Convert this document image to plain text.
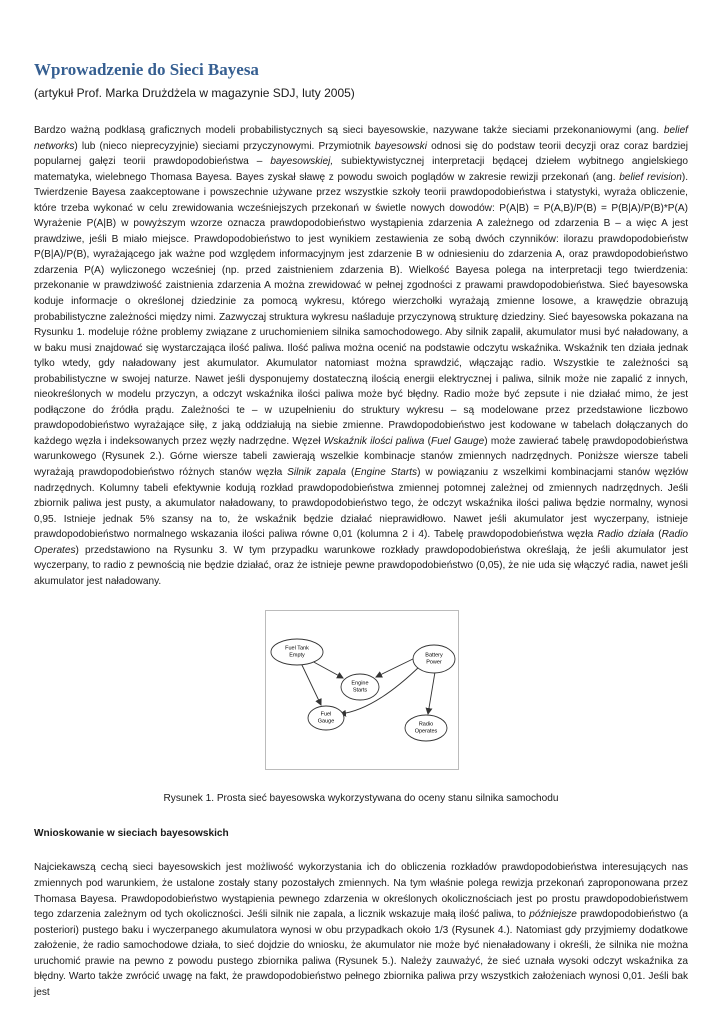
Wprowadzenie do Sieci Bayesa

(artykuł Prof. Marka Drużdżela w magazynie SDJ, luty 2005)

Bardzo ważną podklasą graficznych modeli probabilistycznych są sieci bayesowskie, nazywane także sieciami przekonaniowymi (ang. belief networks) lub (nieco nieprecyzyjnie) sieciami przyczynowymi. Przymiotnik bayesowski odnosi się do podstaw teorii decyzji oraz coraz bardziej popularnej gałęzi teorii prawdopodobieństwa – bayesowskiej, subiektywistycznej interpretacji będącej dziełem wybitnego angielskiego matematyka, wielebnego Thomasa Bayesa. Bayes zyskał sławę z powodu swoich poglądów w zakresie rewizji przekonań (ang. belief revision). Twierdzenie Bayesa zaakceptowane i powszechnie używane przez wszystkie szkoły teorii prawdopodobieństwa i statystyki, wyraża obliczenie, które trzeba wykonać w celu zrewidowania wcześniejszych przekonań w świetle nowych dowodów: P(A|B) = P(A,B)/P(B) = P(B|A)/P(B)*P(A) Wyrażenie P(A|B) w powyższym wzorze oznacza prawdopodobieństwo wystąpienia zdarzenia A zależnego od zdarzenia B – a więc A jest prawdziwe, jeśli B miało miejsce. Prawdopodobieństwo to jest wynikiem zestawienia ze sobą dwóch czynników: ilorazu prawdopodobieństw P(B|A)/P(B), wyrażającego jak ważne pod względem informacyjnym jest zdarzenie B w odniesieniu do zdarzenia A, oraz prawdopodobieństwo zdarzenia P(A) wyliczonego wcześniej (np. przed zaistnieniem zdarzenia B). Wielkość Bayesa polega na interpretacji tego twierdzenia: przekonanie w prawdziwość zaistnienia zdarzenia A można zrewidować w pełnej zgodności z prawami prawdopodobieństwa. Sieć bayesowska koduje informacje o określonej dziedzinie za pomocą wykresu, którego wierzchołki wyrażają zmienne losowe, a krawędzie obrazują probabilistyczne zależności między nimi. Zazwyczaj struktura wykresu naśladuje przyczynową strukturę dziedziny. Sieć bayesowska pokazana na Rysunku 1. modeluje różne problemy związane z uruchomieniem silnika samochodowego. Aby silnik zapalił, akumulator musi być naładowany, a w baku musi znajdować się wystarczająca ilość paliwa. Ilość paliwa można ocenić na podstawie odczytu wskaźnika. Wskaźnik ten działa jednak tylko wtedy, gdy naładowany jest akumulator. Akumulator natomiast można sprawdzić, włączając radio. Wszystkie te zależności są probabilistyczne w swojej naturze. Nawet jeśli dysponujemy dostateczną ilością energii elektrycznej i paliwa, silnik może nie zapalić z innych, nieokreślonych w modelu przyczyn, a odczyt wskaźnika ilości paliwa może być błędny. Radio może być zepsute i nie działać mimo, że jest podłączone do źródła prądu. Zależności te – w uzupełnieniu do struktury wykresu – są modelowane przez przedstawione liczbowo prawdopodobieństwo wyrażające siłę, z jaką oddziałują na siebie zmienne. Prawdopodobieństwo jest kodowane w tabelach dołączanych do każdego węzła i indeksowanych przez węzły nadrzędne. Węzeł Wskaźnik ilości paliwa (Fuel Gauge) może zawierać tabelę prawdopodobieństwa warunkowego (Rysunek 2.). Górne wiersze tabeli zawierają wszelkie kombinacje stanów zmiennych nadrzędnych. Poniższe wiersze tabeli wyrażają prawdopodobieństwo różnych stanów węzła Silnik zapala (Engine Starts) w powiązaniu z wszelkimi kombinacjami stanów węzłów nadrzędnych. Kolumny tabeli efektywnie kodują rozkład prawdopodobieństwa zmiennej potomnej zależnej od zmiennych nadrzędnych. Jeśli zbiornik paliwa jest pusty, a akumulator naładowany, to prawdopodobieństwo tego, że odczyt wskaźnika ilości paliwa będzie normalny, wynosi 0,95. Istnieje jednak 5% szansy na to, że wskaźnik będzie działać nieprawidłowo. Nawet jeśli akumulator jest wyczerpany, istnieje prawdopodobieństwo normalnego wskazania ilości paliwa równe 0,01 (kolumna 2 i 4). Tabelę prawdopodobieństwa węzła Radio działa (Radio Operates) przedstawiono na Rysunku 3. W tym przypadku warunkowe rozkłady prawdopodobieństwa określają, że jeśli akumulator jest wyczerpany, to radio z pewnością nie będzie działać, oraz że istnieje pewne prawdopodobieństwo (0,05), że nie uda się włączyć radia, nawet jeśli akumulator jest naładowany.

Fuel Tank
Empty	Battery
Power
Engine
Starts
Fuel
Gauge	Radio
Operates

Rysunek 1. Prosta sieć bayesowska wykorzystywana do oceny stanu silnika samochodu

Wnioskowanie w sieciach bayesowskich

Najciekawszą cechą sieci bayesowskich jest możliwość wykorzystania ich do obliczenia rozkładów prawdopodobieństwa interesujących nas zmiennych pod warunkiem, że ustalone zostały stany pozostałych zmiennych. Na tym właśnie polega rewizja przekonań zaproponowana przez Thomasa Bayesa. Prawdopodobieństwo wystąpienia pewnego zdarzenia w określonych okolicznościach jest po prostu prawdopodobieństwem tego zdarzenia zależnym od tych okoliczności. Jeśli silnik nie zapala, a licznik wskazuje małą ilość paliwa, to późniejsze prawdopodobieństwo (a posteriori) pustego baku i wyczerpanego akumulatora wynosi w obu przypadkach około 1/3 (Rysunek 4.). Natomiast gdy przyjmiemy dodatkowe założenie, że radio samochodowe działa, to sieć dojdzie do wniosku, że akumulator nie może być nienaładowany i określi, że silnika nie można uruchomić prawie na pewno z powodu pustego zbiornika paliwa (Rysunek 5.). Należy zauważyć, że sieć uznała wysoki odczyt wskaźnika za błędny. Warto także zwrócić uwagę na fakt, że prawdopodobieństwo pełnego zbiornika paliwa przy wszystkich założeniach wynosi 0,01. Jeśli bak jest
